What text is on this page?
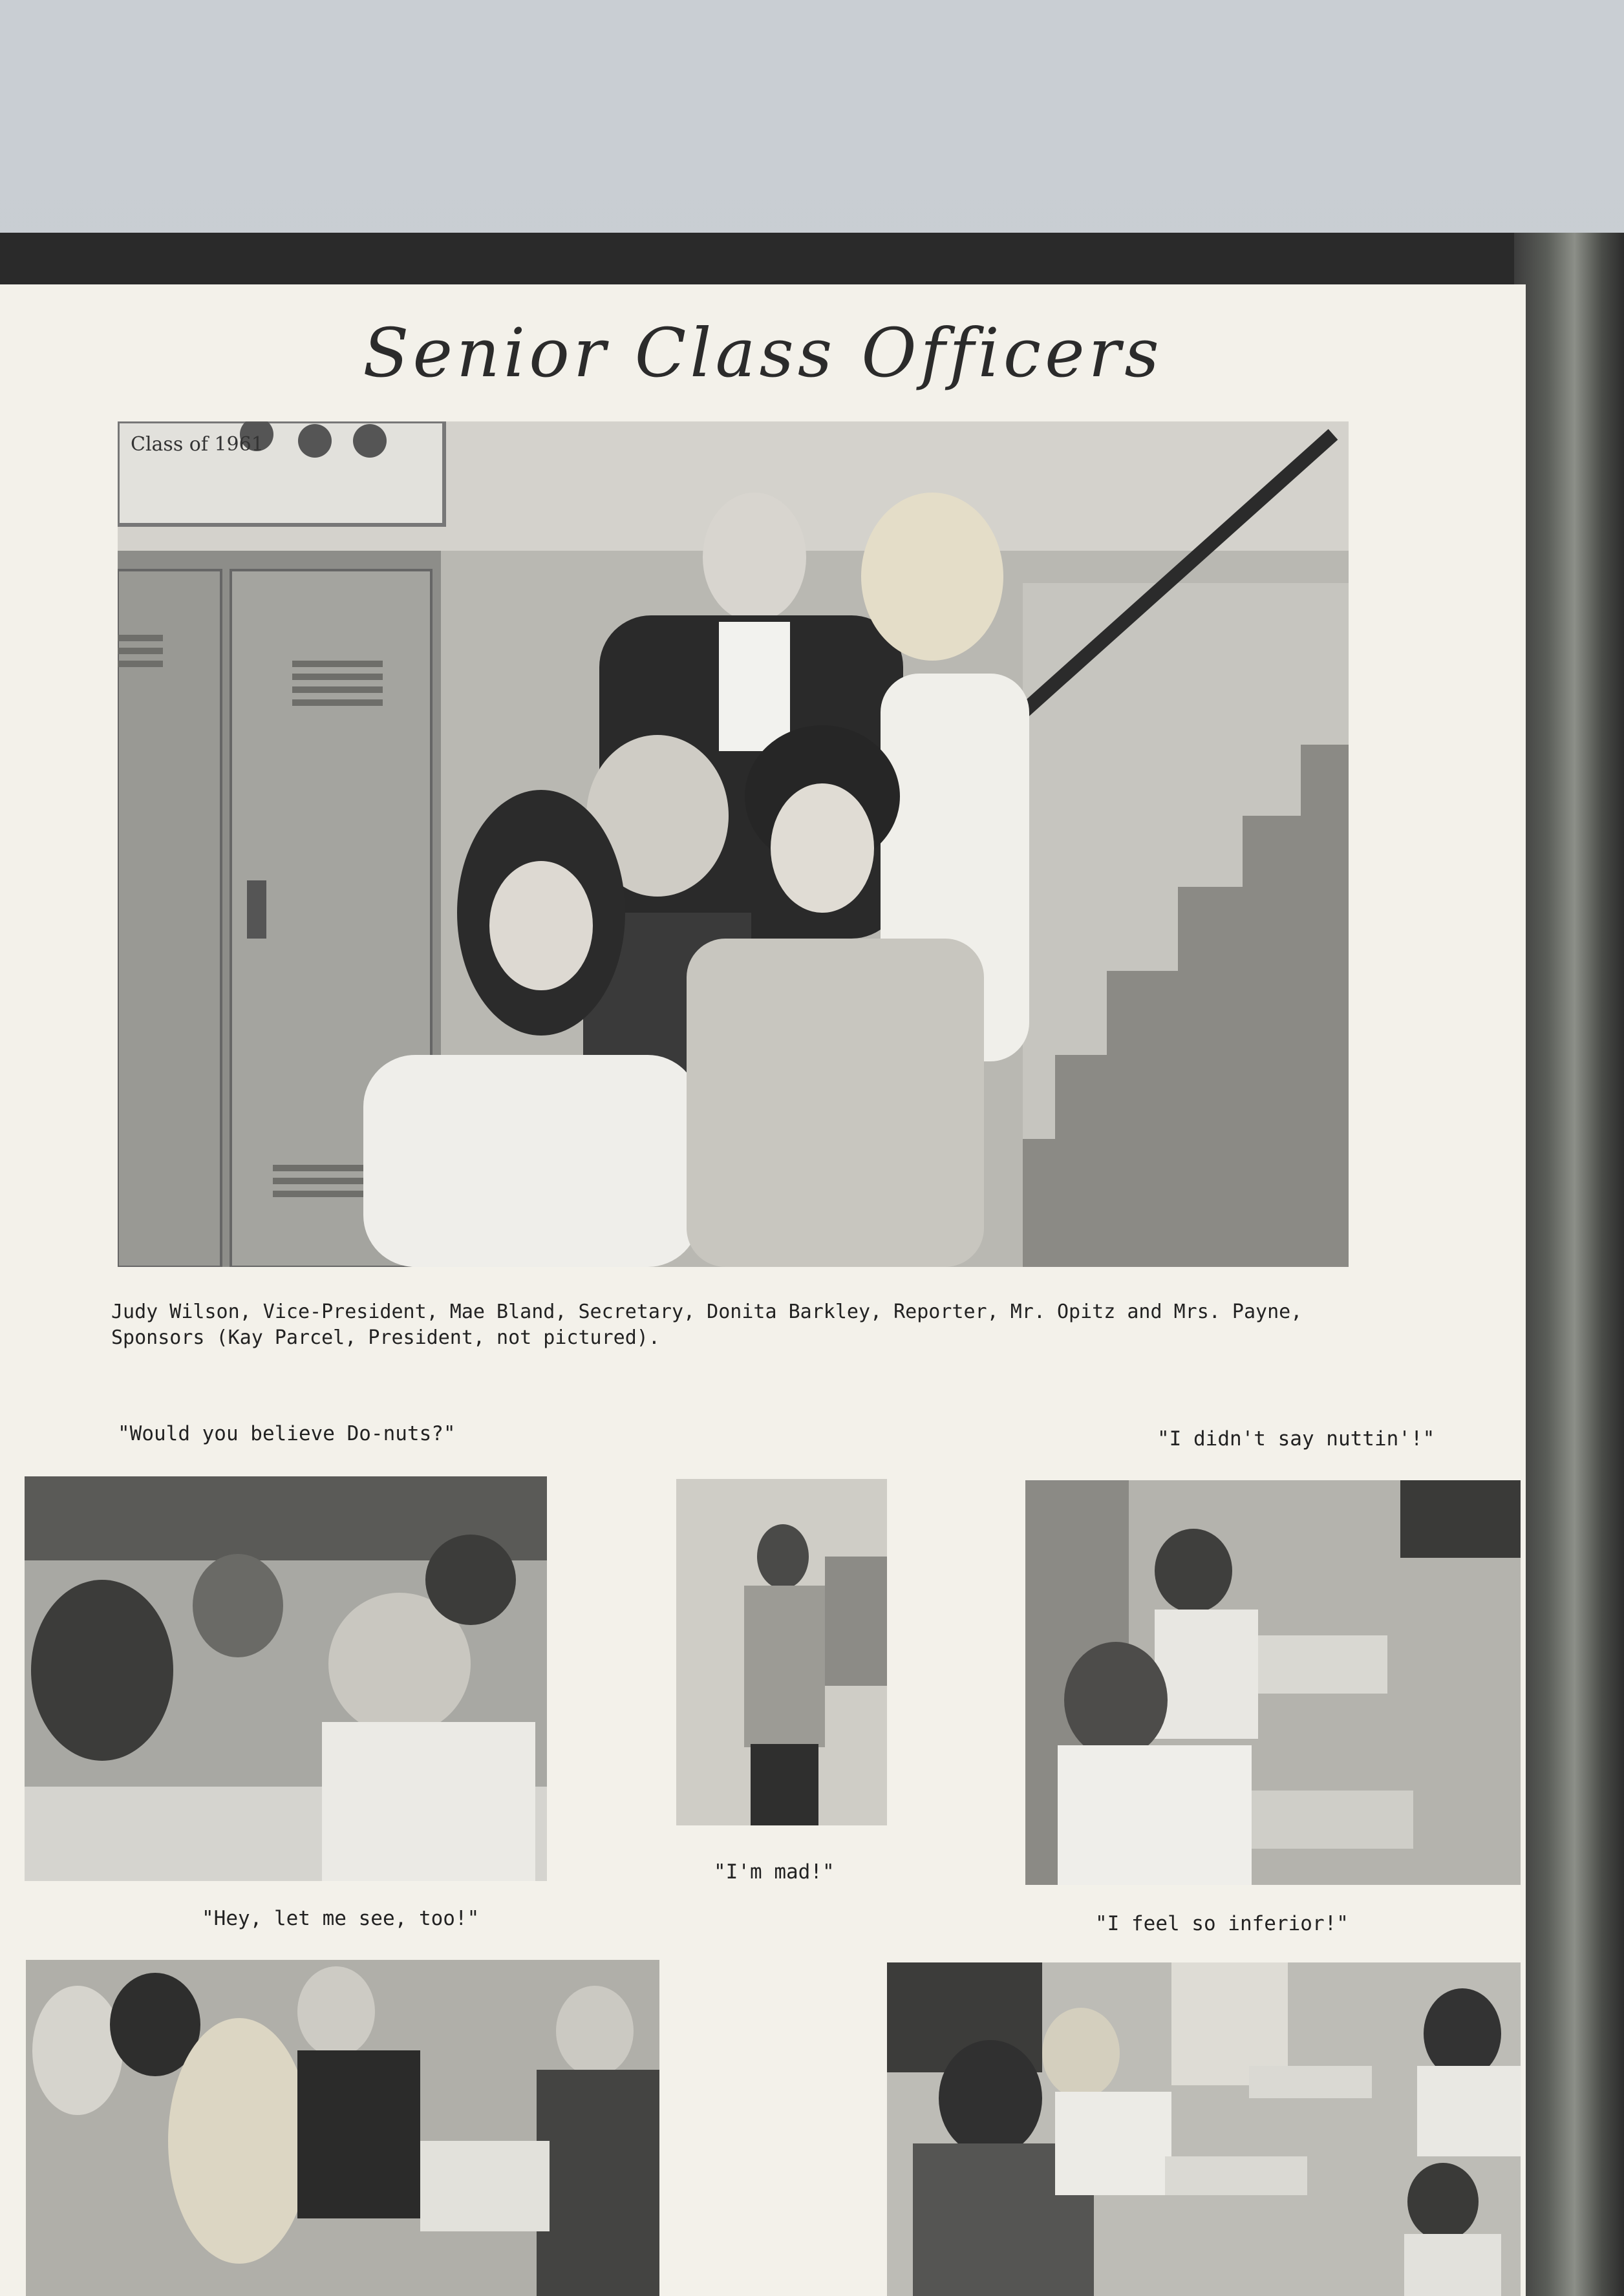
Senior Class Officers
Class of 1961
Judy Wilson, Vice-President, Mae Bland, Secretary, Donita Barkley, Reporter, Mr. Opitz and Mrs. Payne, Sponsors (Kay Parcel, President, not pictured).
"Would you believe Do-nuts?"	"I didn't say nuttin'!"
"I'm mad!"
"Hey, let me see, too!"	"I feel so inferior!"
